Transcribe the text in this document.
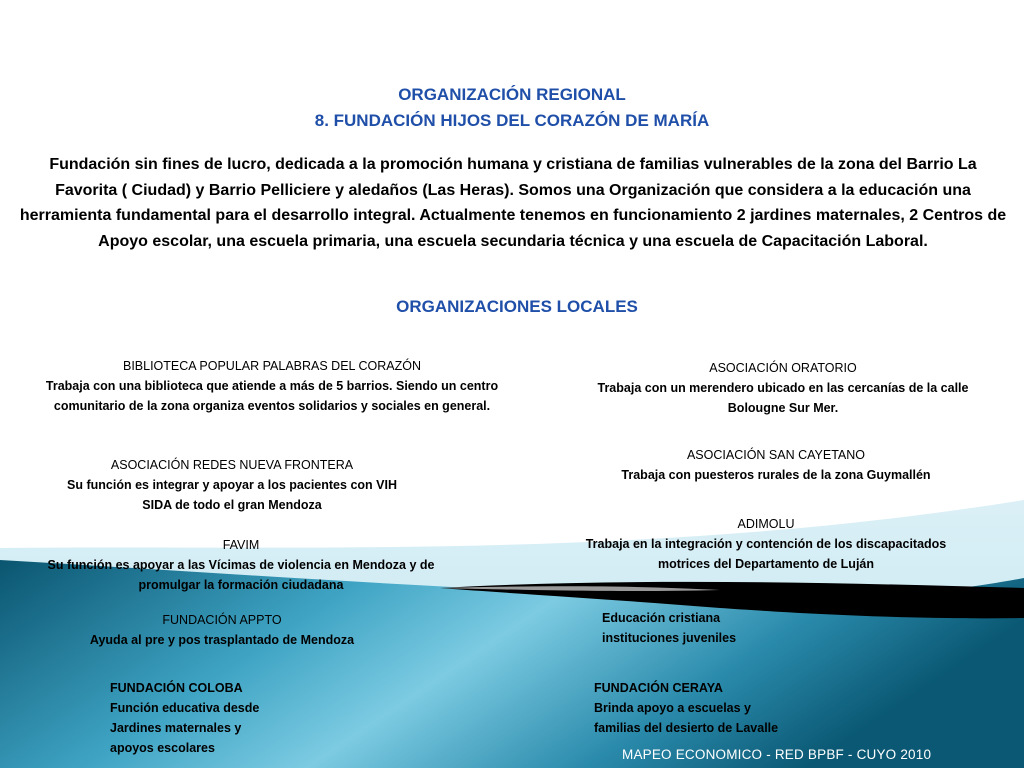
ORGANIZACIÓN REGIONAL
8. FUNDACIÓN HIJOS DEL CORAZÓN DE MARÍA
Fundación sin fines de lucro, dedicada a la promoción humana y cristiana de familias vulnerables de la zona del Barrio La Favorita ( Ciudad) y Barrio Pelliciere y aledaños (Las Heras). Somos una Organización que considera a la educación una herramienta fundamental para el desarrollo integral. Actualmente tenemos en funcionamiento 2 jardines maternales, 2 Centros de Apoyo escolar, una escuela primaria, una escuela secundaria técnica y una escuela de Capacitación Laboral.
ORGANIZACIONES LOCALES
BIBLIOTECA POPULAR PALABRAS DEL CORAZÓN
Trabaja con una biblioteca que atiende a más de 5 barrios. Siendo un centro
comunitario de la zona organiza eventos solidarios y sociales en general.
ASOCIACIÓN ORATORIO
Trabaja con un merendero ubicado en las cercanías de la calle
Bolougne Sur Mer.
ASOCIACIÓN REDES NUEVA FRONTERA
Su función es integrar y apoyar a los pacientes con VIH
SIDA de todo el gran Mendoza
ASOCIACIÓN SAN CAYETANO
Trabaja con puesteros rurales de la zona Guymallén
FAVIM
Su función es apoyar a las Vícimas de violencia en Mendoza y de
promulgar la formación ciudadana
ADIMOLU
Trabaja en la integración y contención de los discapacitados
motrices del Departamento de Luján
FUNDACIÓN APPTO
Ayuda al pre y pos trasplantado de Mendoza
Educación cristiana
instituciones juveniles
FUNDACIÓN COLOBA
Función educativa desde
Jardines maternales y
apoyos escolares
FUNDACIÓN CERAYA
Brinda apoyo a escuelas y
familias del desierto de Lavalle
MAPEO ECONOMICO - RED BPBF - CUYO 2010
